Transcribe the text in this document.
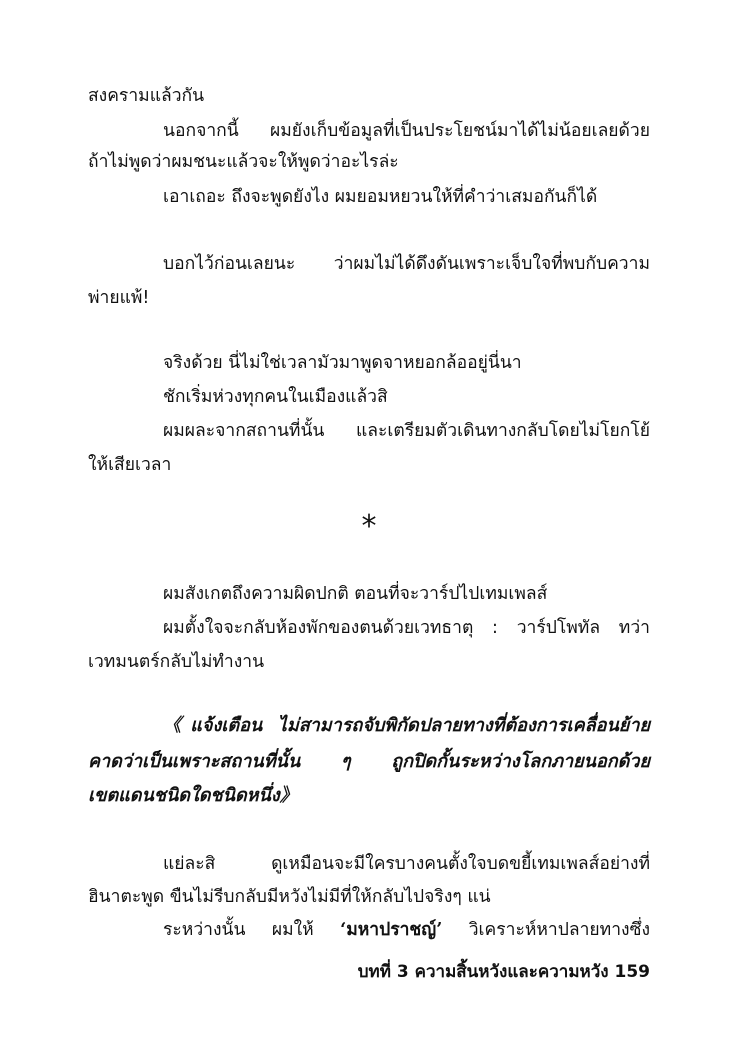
สงครามแล้วกัน
นอกจากนี้ ผมยังเก็บข้อมูลที่เป็นประโยชน์มาได้ไม่น้อยเลยด้วย
ถ้าไม่พูดว่าผมชนะแล้วจะให้พูดว่าอะไรล่ะ
เอาเถอะ ถึงจะพูดยังไง ผมยอมหยวนให้ที่คำว่าเสมอกันก็ได้
บอกไว้ก่อนเลยนะ ว่าผมไม่ได้ดึงดันเพราะเจ็บใจที่พบกับความ
พ่ายแพ้!
จริงด้วย นี่ไม่ใช่เวลามัวมาพูดจาหยอกล้ออยู่นี่นา
ชักเริ่มห่วงทุกคนในเมืองแล้วสิ
ผมผละจากสถานที่นั้น และเตรียมตัวเดินทางกลับโดยไม่โยกโย้
ให้เสียเวลา
*
ผมสังเกตถึงความผิดปกติ ตอนที่จะวาร์ปไปเทมเพลส์
ผมตั้งใจจะกลับห้องพักของตนด้วยเวทธาตุ : วาร์ปโพทัล ทว่า
เวทมนตร์กลับไม่ทำงาน
《แจ้งเตือน ไม่สามารถจับพิกัดปลายทางที่ต้องการเคลื่อนย้าย
คาดว่าเป็นเพราะสถานที่นั้น ๆ ถูกปิดกั้นระหว่างโลกภายนอกด้วย
เขตแดนชนิดใดชนิดหนึ่ง》
แย่ละสิ ดูเหมือนจะมีใครบางคนตั้งใจบดขยี้เทมเพลส์อย่างที่
ฮินาตะพูด ขืนไม่รีบกลับมีหวังไม่มีที่ให้กลับไปจริงๆ แน่
ระหว่างนั้น ผมให้ ‘มหาปราชญ์’ วิเคราะห์หาปลายทางซึ่ง
บทที่ 3 ความสิ้นหวังและความหวัง 159
